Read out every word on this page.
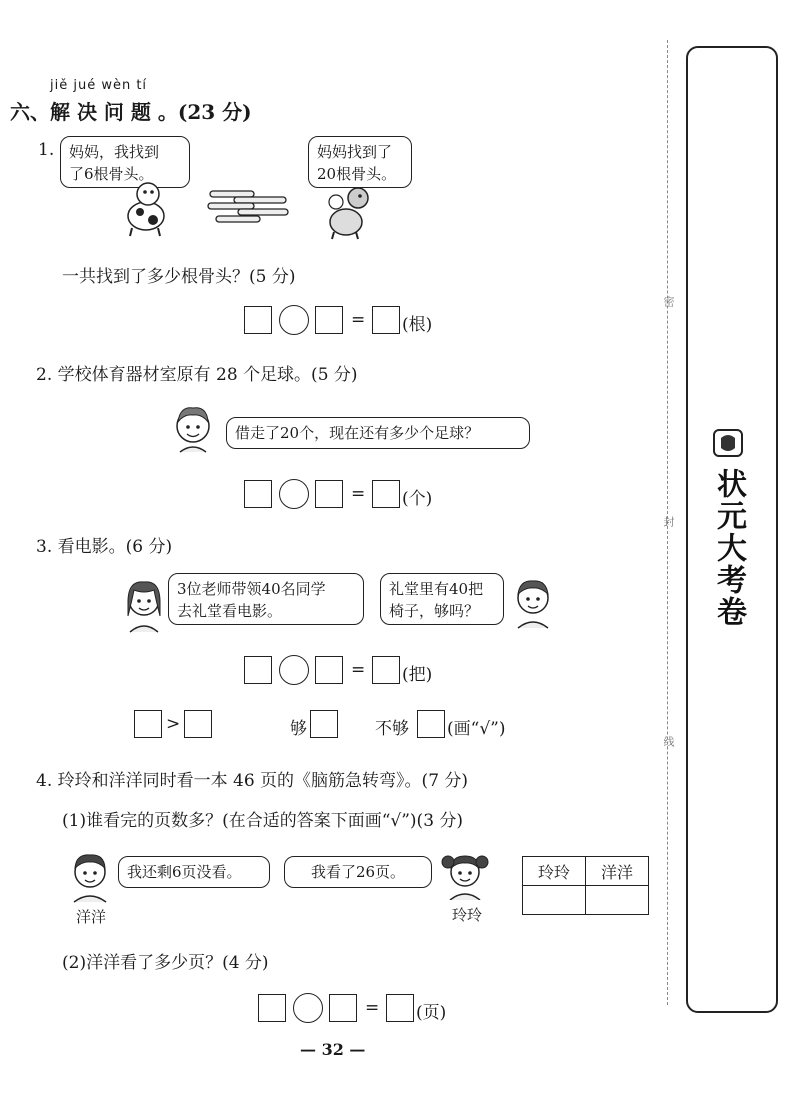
jiě jué wèn tí
六、解 决 问 题 。(23 分)
1. 妈妈，我找到
了6根骨头。
妈妈找到了
20根骨头。
一共找到了多少根骨头？(5 分)
= (根)
2. 学校体育器材室原有 28 个足球。(5 分)
借走了20个，现在还有多少个足球？
= (个)
3. 看电影。(6 分)
3位老师带领40名同学
去礼堂看电影。
礼堂里有40把
椅子，够吗？
= (把)
>	够	不够 (画“√”)
4. 玲玲和洋洋同时看一本 46 页的《脑筋急转弯》。(7 分)
(1)谁看完的页数多？(在合适的答案下面画“√”)(3 分)
洋洋
我还剩6页没看。	我看了26页。
玲玲
玲玲	洋洋

(2)洋洋看了多少页？(4 分)
= (页)
— 32 —
密
封
线
状元大考卷
